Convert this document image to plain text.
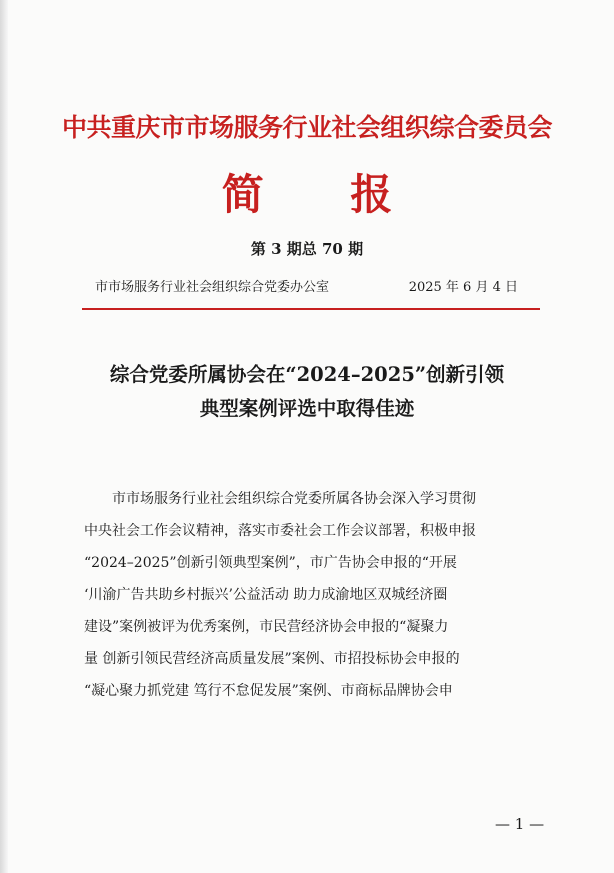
中共重庆市市场服务行业社会组织综合委员会
简 报
第 3 期总 70 期
市市场服务行业社会组织综合党委办公室	2025 年 6 月 4 日
综合党委所属协会在“2024–2025”创新引领
典型案例评选中取得佳迹
市市场服务行业社会组织综合党委所属各协会深入学习贯彻
中央社会工作会议精神，落实市委社会工作会议部署，积极申报
“2024–2025”创新引领典型案例”，市广告协会申报的“开展
‘川渝广告共助乡村振兴’公益活动 助力成渝地区双城经济圈
建设”案例被评为优秀案例，市民营经济协会申报的“凝聚力
量 创新引领民营经济高质量发展”案例、市招投标协会申报的
“凝心聚力抓党建 笃行不怠促发展”案例、市商标品牌协会申
— 1 —
